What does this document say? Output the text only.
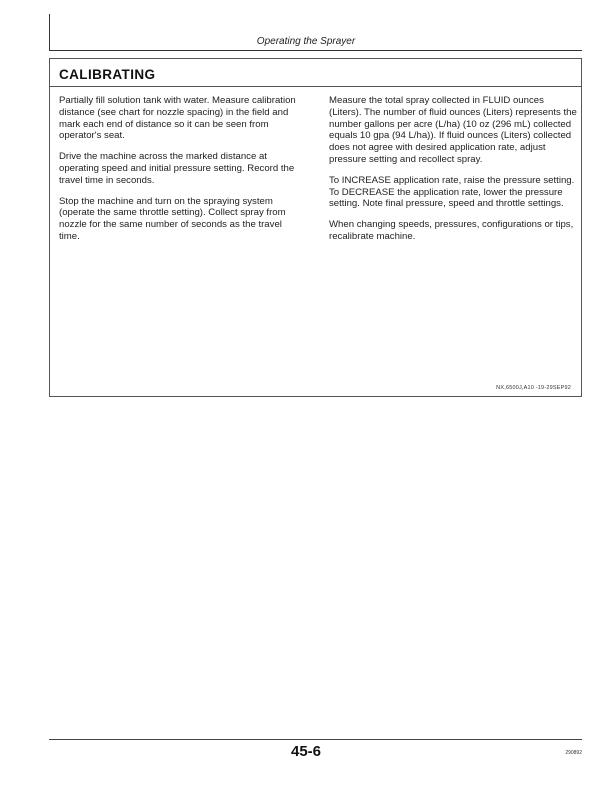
Operating the Sprayer
CALIBRATING

Partially fill solution tank with water. Measure calibration distance (see chart for nozzle spacing) in the field and mark each end of distance so it can be seen from operator's seat.

Drive the machine across the marked distance at operating speed and initial pressure setting. Record the travel time in seconds.

Stop the machine and turn on the spraying system (operate the same throttle setting). Collect spray from nozzle for the same number of seconds as the travel time.

Measure the total spray collected in FLUID ounces (Liters). The number of fluid ounces (Liters) represents the number gallons per acre (L/ha) (10 oz (296 mL) collected equals 10 gpa (94 L/ha)). If fluid ounces (Liters) collected does not agree with desired application rate, adjust pressure setting and recollect spray.

To INCREASE application rate, raise the pressure setting. To DECREASE the application rate, lower the pressure setting. Note final pressure, speed and throttle settings.

When changing speeds, pressures, configurations or tips, recalibrate machine.

NX,6500J,A10 -19-29SEP92
45-6	290892
